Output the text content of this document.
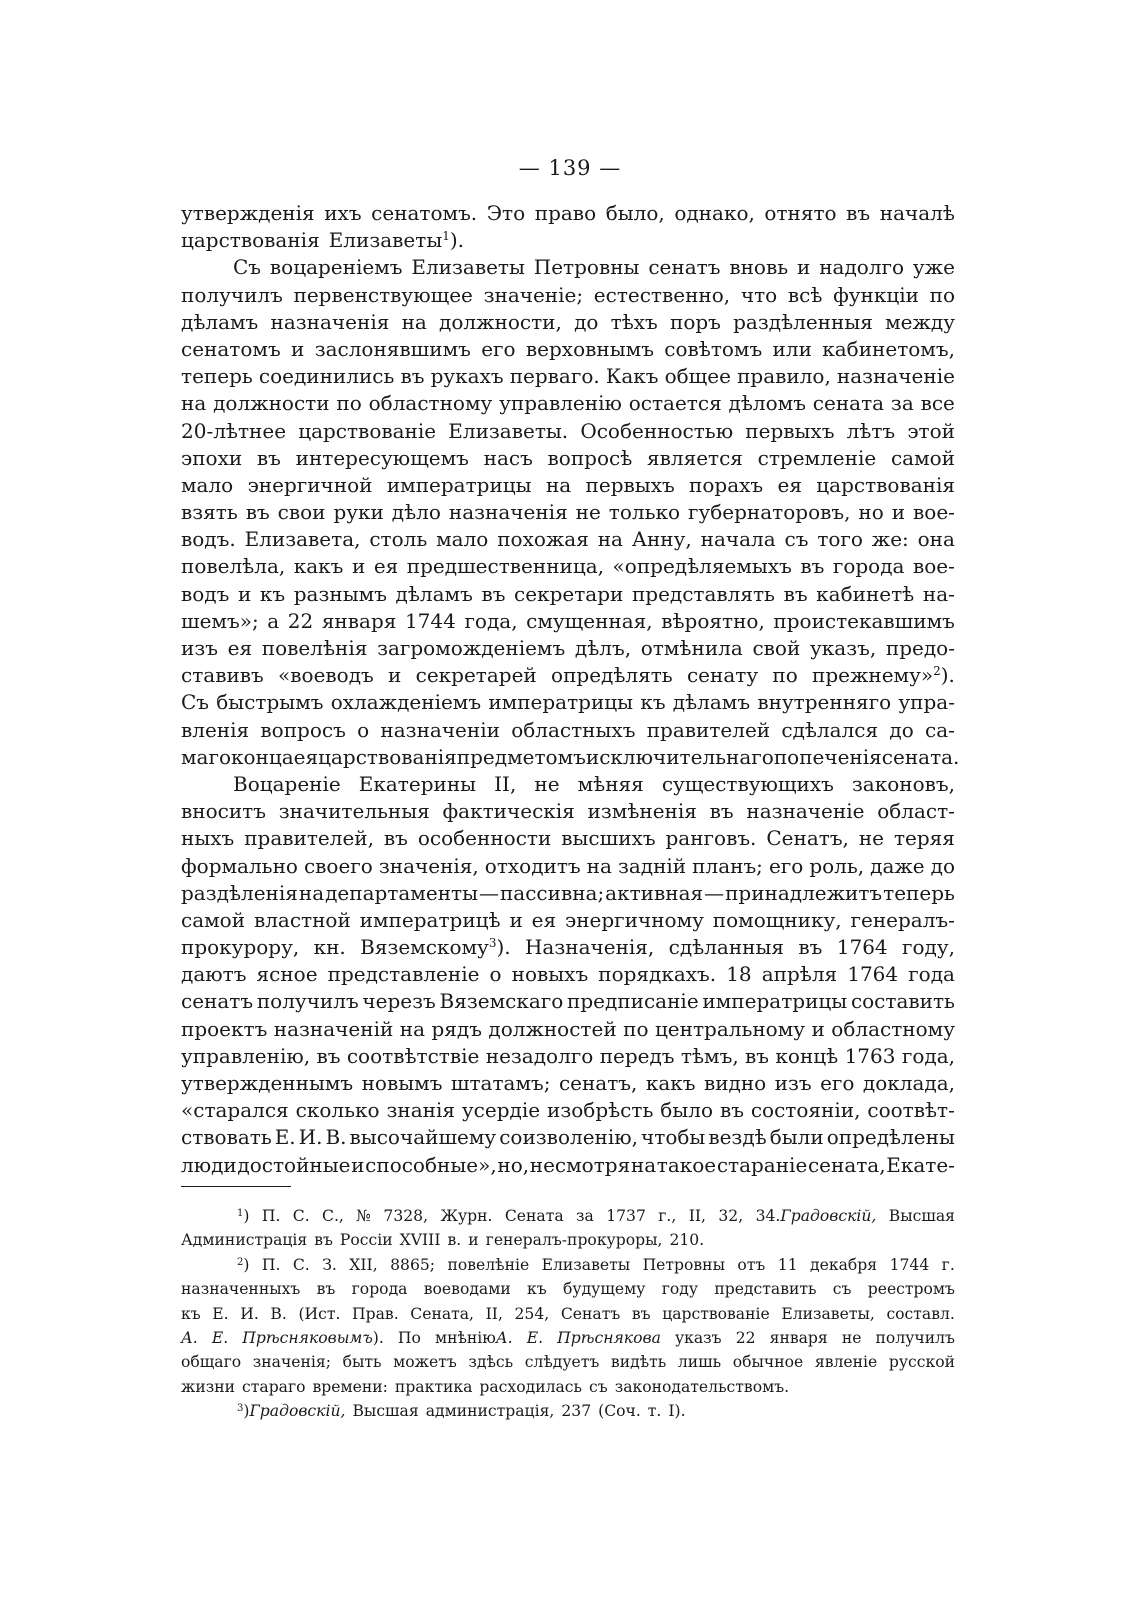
— 139 —
утвержденія ихъ сенатомъ. Это право было, однако, отнято въ началѣ
царствованія Елизаветы$^1$).
Съ воцареніемъ Елизаветы Петровны сенатъ вновь и надолго уже
получилъ первенствующее значеніе; естественно, что всѣ функціи по
дѣламъ назначенія на должности, до тѣхъ поръ раздѣленныя между
сенатомъ и заслонявшимъ его верховнымъ совѣтомъ или кабинетомъ,
теперь соединились въ рукахъ перваго. Какъ общее правило, назначеніе
на должности по областному управленію остается дѣломъ сената за все
20-лѣтнее царствованіе Елизаветы. Особенностью первыхъ лѣтъ этой
эпохи въ интересующемъ насъ вопросѣ является стремленіе самой
мало энергичной императрицы на первыхъ порахъ ея царствованія
взять въ свои руки дѣло назначенія не только губернаторовъ, но и вое-
водъ. Елизавета, столь мало похожая на Анну, начала съ того же: она
повелѣла, какъ и ея предшественница, «опредѣляемыхъ въ города вое-
водъ и къ разнымъ дѣламъ въ секретари представлять въ кабинетѣ на-
шемъ»; а 22 января 1744 года, смущенная, вѣроятно, проистекавшимъ
изъ ея повелѣнія загроможденіемъ дѣлъ, отмѣнила свой указъ, предо-
ставивъ «воеводъ и секретарей опредѣлять сенату по прежнему»$^2$).
Съ быстрымъ охлажденіемъ императрицы къ дѣламъ внутренняго упра-
вленія вопросъ о назначеніи областныхъ правителей сдѣлался до са-
маго конца ея царствованія предметомъ исключительнаго попеченія сената.
Воцареніе Екатерины II, не мѣняя существующихъ законовъ,
вноситъ значительныя фактическія измѣненія въ назначеніе област-
ныхъ правителей, въ особенности высшихъ ранговъ. Сенатъ, не теряя
формально своего значенія, отходитъ на задній планъ; его роль, даже до
раздѣленія на департаменты — пассивна; активная — принадлежитъ теперь
самой властной императрицѣ и ея энергичному помощнику, генералъ-
прокурору, кн. Вяземскому$^3$). Назначенія, сдѣланныя въ 1764 году,
даютъ ясное представленіе о новыхъ порядкахъ. 18 апрѣля 1764 года
сенатъ получилъ черезъ Вяземскаго предписаніе императрицы составить
проектъ назначеній на рядъ должностей по центральному и областному
управленію, въ соотвѣтствіе незадолго передъ тѣмъ, въ концѣ 1763 года,
утвержденнымъ новымъ штатамъ; сенатъ, какъ видно изъ его доклада,
«старался сколько знанія усердіе изобрѣсть было въ состояніи, соотвѣт-
ствовать Е. И. В. высочайшему соизволенію, чтобы вездѣ были опредѣлены
люди достойные и способные», но, несмотря на такое стараніе сената, Екате-
$^1$) П. С. С., № 7328, Журн. Сената за 1737 г., II, 32, 34.Градовскій, Высшая
Администрація въ Россіи XVIII в. и генералъ-прокуроры, 210.
$^2$) П. С. З. XII, 8865; повелѣніе Елизаветы Петровны отъ 11 декабря 1744 г.
назначенныхъ въ города воеводами къ будущему году представить съ реестромъ
къ Е. И. В. (Ист. Прав. Сената, II, 254, Сенатъ въ царствованіе Елизаветы, составл.
А. Е. Прѣсняковымъ). По мнѣніюА. Е. Прѣснякова указъ 22 января не получилъ
общаго значенія; быть можетъ здѣсь слѣдуетъ видѣть лишь обычное явленіе русской
жизни стараго времени: практика расходилась съ законодательствомъ.
$^3$)Градовскій, Высшая администрація, 237 (Соч. т. I).
